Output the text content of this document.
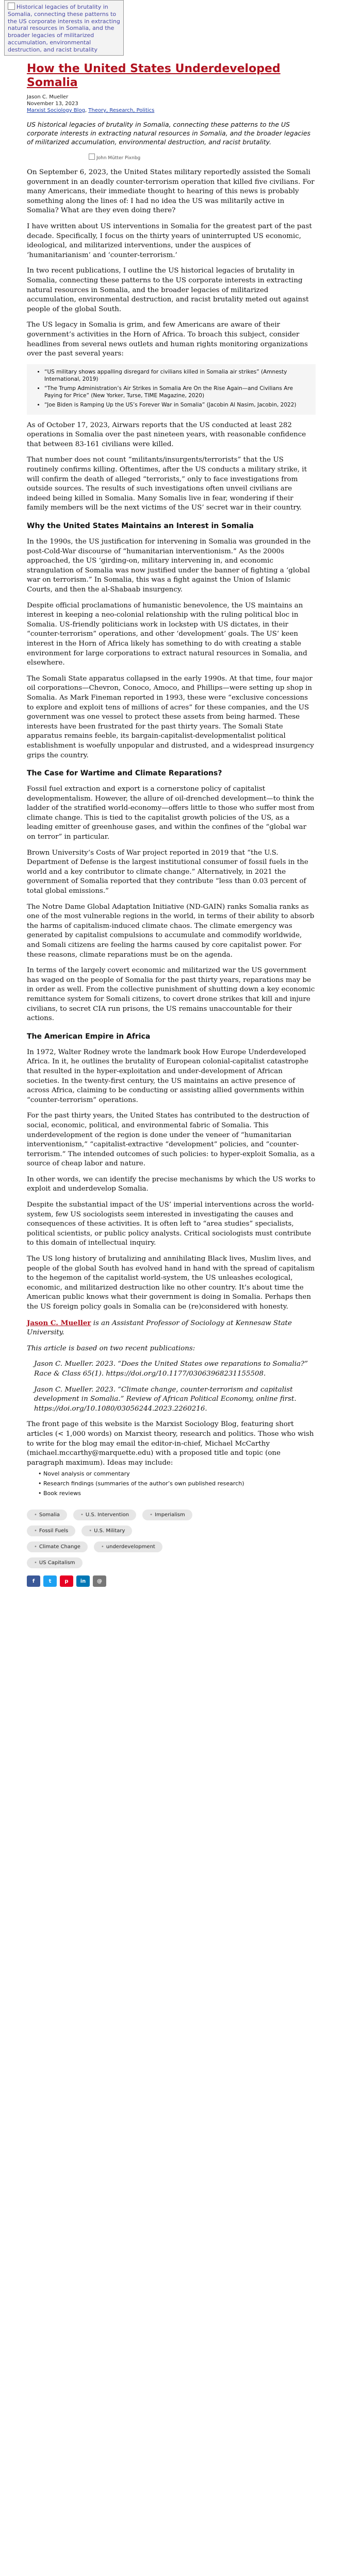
Historical legacies of brutality in Somalia, connecting these patterns to the US corporate interests in extracting natural resources in Somalia, and the broader legacies of militarized accumulation, environmental destruction, and racist brutality
How the United States Underdeveloped Somalia
Jason C. Mueller
November 13, 2023
Marxist Sociology Blog, Theory, Research, Politics
US historical legacies of brutality in Somalia, connecting these patterns to the US corporate interests in extracting natural resources in Somalia, and the broader legacies of militarized accumulation, environmental destruction, and racist brutality.
John Mütter Pixnbg

On September 6, 2023, the United States military reportedly assisted the Somali government in an deadly counter-terrorism operation that killed five civilians. For many Americans, their immediate thought to hearing of this news is probably something along the lines of: I had no idea the US was militarily active in Somalia? What are they even doing there?

I have written about US interventions in Somalia for the greatest part of the past decade. Specifically, I focus on the thirty years of uninterrupted US economic, ideological, and militarized interventions, under the auspices of ‘humanitarianism’ and ‘counter-terrorism.’

In two recent publications, I outline the US historical legacies of brutality in Somalia, connecting these patterns to the US corporate interests in extracting natural resources in Somalia, and the broader legacies of militarized accumulation, environmental destruction, and racist brutality meted out against people of the global South.

The US legacy in Somalia is grim, and few Americans are aware of their government’s activities in the Horn of Africa. To broach this subject, consider headlines from several news outlets and human rights monitoring organizations over the past several years:

• “US military shows appalling disregard for civilians killed in Somalia air strikes” (Amnesty International, 2019)
• “The Trump Administration’s Air Strikes in Somalia Are On the Rise Again—and Civilians Are Paying for Price” (New Yorker, Turse, TIME Magazine, 2020)
• “Joe Biden is Ramping Up the US’s Forever War in Somalia” (Jacobin Al Nasim, Jacobin, 2022)

As of October 17, 2023, Airwars reports that the US conducted at least 282 operations in Somalia over the past nineteen years, with reasonable confidence that between 83-161 civilians were killed.

That number does not count “militants/insurgents/terrorists” that the US routinely confirms killing. Oftentimes, after the US conducts a military strike, it will confirm the death of alleged “terrorists,” only to face investigations from outside sources. The results of such investigations often unveil civilians are indeed being killed in Somalia. Many Somalis live in fear, wondering if their family members will be the next victims of the US’ secret war in their country.

Why the United States Maintains an Interest in Somalia

In the 1990s, the US justification for intervening in Somalia was grounded in the post-Cold-War discourse of “humanitarian interventionism.” As the 2000s approached, the US ‘girding-on, military intervening in, and economic strangulation of Somalia was now justified under the banner of fighting a ‘global war on terrorism.” In Somalia, this was a fight against the Union of Islamic Courts, and then the al-Shabaab insurgency.

Despite official proclamations of humanistic benevolence, the US maintains an interest in keeping a neo-colonial relationship with the ruling political bloc in Somalia. US-friendly politicians work in lockstep with US dictates, in their “counter-terrorism” operations, and other ‘development’ goals. The US’ keen interest in the Horn of Africa likely has something to do with creating a stable environment for large corporations to extract natural resources in Somalia, and elsewhere.

The Somali State apparatus collapsed in the early 1990s. At that time, four major oil corporations—Chevron, Conoco, Amoco, and Phillips—were setting up shop in Somalia. As Mark Fineman reported in 1993, these were “exclusive concessions to explore and exploit tens of millions of acres” for these companies, and the US government was one vessel to protect these assets from being harmed. These interests have been frustrated for the past thirty years. The Somali State apparatus remains feeble, its bargain-capitalist-developmentalist political establishment is woefully unpopular and distrusted, and a widespread insurgency grips the country.

The Case for Wartime and Climate Reparations?

Fossil fuel extraction and export is a cornerstone policy of capitalist developmentalism. However, the allure of oil-drenched development—to think the ladder of the stratified world-economy—offers little to those who suffer most from climate change. This is tied to the capitalist growth policies of the US, as a leading emitter of greenhouse gases, and within the confines of the “global war on terror” in particular.

Brown University’s Costs of War project reported in 2019 that “the U.S. Department of Defense is the largest institutional consumer of fossil fuels in the world and a key contributor to climate change.” Alternatively, in 2021 the government of Somalia reported that they contribute “less than 0.03 percent of total global emissions.”

The Notre Dame Global Adaptation Initiative (ND-GAIN) ranks Somalia ranks as one of the most vulnerable regions in the world, in terms of their ability to absorb the harms of capitalism-induced climate chaos. The climate emergency was generated by capitalist compulsions to accumulate and commodify worldwide, and Somali citizens are feeling the harms caused by core capitalist power. For these reasons, climate reparations must be on the agenda.

In terms of the largely covert economic and militarized war the US government has waged on the people of Somalia for the past thirty years, reparations may be in order as well. From the collective punishment of shutting down a key economic remittance system for Somali citizens, to covert drone strikes that kill and injure civilians, to secret CIA run prisons, the US remains unaccountable for their actions.

The American Empire in Africa

In 1972, Walter Rodney wrote the landmark book How Europe Underdeveloped Africa. In it, he outlines the brutality of European colonial-capitalist catastrophe that resulted in the hyper-exploitation and under-development of African societies. In the twenty-first century, the US maintains an active presence of across Africa, claiming to be conducting or assisting allied governments within “counter-terrorism” operations.

For the past thirty years, the United States has contributed to the destruction of social, economic, political, and environmental fabric of Somalia. This underdevelopment of the region is done under the veneer of “humanitarian interventionism,” “capitalist-extractive “development” policies, and “counter-terrorism.” The intended outcomes of such policies: to hyper-exploit Somalia, as a source of cheap labor and nature.

In other words, we can identify the precise mechanisms by which the US works to exploit and underdevelop Somalia.

Despite the substantial impact of the US’ imperial interventions across the world-system, few US sociologists seem interested in investigating the causes and consequences of these activities. It is often left to “area studies” specialists, political scientists, or public policy analysts. Critical sociologists must contribute to this domain of intellectual inquiry.

The US long history of brutalizing and annihilating Black lives, Muslim lives, and people of the global South has evolved hand in hand with the spread of capitalism to the hegemon of the capitalist world-system, the US unleashes ecological, economic, and militarized destruction like no other country. It’s about time the American public knows what their government is doing in Somalia. Perhaps then the US foreign policy goals in Somalia can be (re)considered with honesty.

Jason C. Mueller is an Assistant Professor of Sociology at Kennesaw State University.

This article is based on two recent publications:

Jason C. Mueller. 2023. “Does the United States owe reparations to Somalia?” Race & Class 65(1). https://doi.org/10.1177/03063968231155508.

Jason C. Mueller. 2023. “Climate change, counter-terrorism and capitalist development in Somalia.” Review of African Political Economy, online first. https://doi.org/10.1080/03056244.2023.2260216.

The front page of this website is the Marxist Sociology Blog, featuring short articles (< 1,000 words) on Marxist theory, research and politics. Those who wish to write for the blog may email the editor-in-chief, Michael McCarthy (michael.mccarthy@marquette.edu) with a proposed title and topic (one paragraph maximum). Ideas may include:

• Novel analysis or commentary
• Research findings (summaries of the author’s own published research)
• Book reviews
• Somalia	• U.S. Intervention	• Imperialism
• Fossil Fuels	• U.S. Military
• Climate Change	• underdevelopment
• US Capitalism
f	t	p	in	@
